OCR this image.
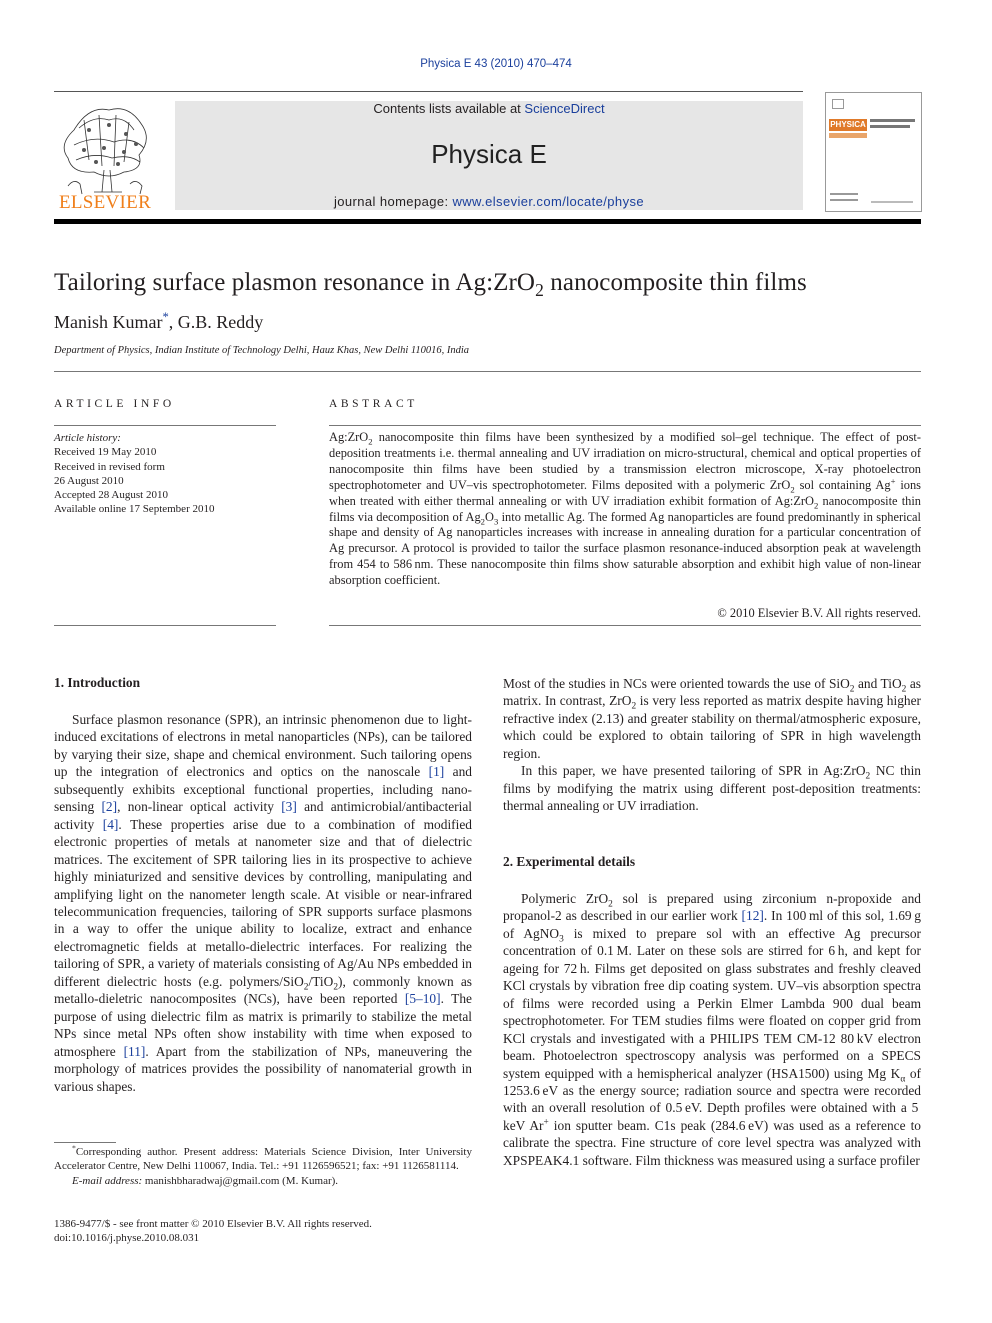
Physica E 43 (2010) 470–474
ELSEVIER
Contents lists available at ScienceDirect
Physica E
journal homepage: www.elsevier.com/locate/physe
PHYSICA
Tailoring surface plasmon resonance in Ag:ZrO$_2$ nanocomposite thin films
Manish Kumar*, G.B. Reddy
Department of Physics, Indian Institute of Technology Delhi, Hauz Khas, New Delhi 110016, India
ARTICLE INFO
Article history:
Received 19 May 2010
Received in revised form
26 August 2010
Accepted 28 August 2010
Available online 17 September 2010
ABSTRACT

Ag:ZrO$_2$ nanocomposite thin films have been synthesized by a modified sol–gel technique. The effect of post-deposition treatments i.e. thermal annealing and UV irradiation on micro-structural, chemical and optical properties of nanocomposite thin films have been studied by a transmission electron microscope, X-ray photoelectron spectrophotometer and UV–vis spectrophotometer. Films deposited with a polymeric ZrO$_2$ sol containing Ag+ ions when treated with either thermal annealing or with UV irradiation exhibit formation of Ag:ZrO$_2$ nanocomposite thin films via decomposition of $Ag_2O_3$ into metallic Ag. The formed Ag nanoparticles are found predominantly in spherical shape and density of Ag nanoparticles increases with increase in annealing duration for a particular concentration of Ag precursor. A protocol is provided to tailor the surface plasmon resonance-induced absorption peak at wavelength from 454 to 586 nm. These nanocomposite thin films show saturable absorption and exhibit high value of non-linear absorption coefficient.

© 2010 Elsevier B.V. All rights reserved.
1. Introduction

Surface plasmon resonance (SPR), an intrinsic phenomenon due to light-induced excitations of electrons in metal nanoparticles (NPs), can be tailored by varying their size, shape and chemical environment. Such tailoring opens up the integration of electronics and optics on the nanoscale [1] and subsequently exhibits exceptional functional properties, including nano-sensing [2], non-linear optical activity [3] and antimicrobial/antibacterial activity [4]. These properties arise due to a combination of modified electronic properties of metals at nanometer size and that of dielectric matrices. The excitement of SPR tailoring lies in its prospective to achieve highly miniaturized and sensitive devices by controlling, manipulating and amplifying light on the nanometer length scale. At visible or near-infrared telecommunication frequencies, tailoring of SPR supports surface plasmons in a way to offer the unique ability to localize, extract and enhance electromagnetic fields at metallo-dielectric interfaces. For realizing the tailoring of SPR, a variety of materials consisting of Ag/Au NPs embedded in different dielectric hosts (e.g. polymers/SiO$_2$/TiO$_2$), commonly known as metallo-dieletric nanocomposites (NCs), have been reported [5–10]. The purpose of using dielectric film as matrix is primarily to stabilize the metal NPs since metal NPs often show instability with time when exposed to atmosphere [11]. Apart from the stabilization of NPs, maneuvering the morphology of matrices provides the possibility of nanomaterial growth in various shapes.

Most of the studies in NCs were oriented towards the use of SiO$_2$ and TiO$_2$ as matrix. In contrast, ZrO$_2$ is very less reported as matrix despite having higher refractive index (2.13) and greater stability on thermal/atmospheric exposure, which could be explored to obtain tailoring of SPR in high wavelength region.

In this paper, we have presented tailoring of SPR in Ag:ZrO$_2$ NC thin films by modifying the matrix using different post-deposition treatments: thermal annealing or UV irradiation.

2. Experimental details

Polymeric ZrO$_2$ sol is prepared using zirconium n-propoxide and propanol-2 as described in our earlier work [12]. In 100 ml of this sol, 1.69 g of AgNO$_3$ is mixed to prepare sol with an effective Ag precursor concentration of 0.1 M. Later on these sols are stirred for 6 h, and kept for ageing for 72 h. Films get deposited on glass substrates and freshly cleaved KCl crystals by vibration free dip coating system. UV–vis absorption spectra of films were recorded using a Perkin Elmer Lambda 900 dual beam spectrophotometer. For TEM studies films were floated on copper grid from KCl crystals and investigated with a PHILIPS TEM CM-12 80 kV electron beam. Photoelectron spectroscopy analysis was performed on a SPECS system equipped with a hemispherical analyzer (HSA1500) using Mg $K_\alpha$ of 1253.6 eV as the energy source; radiation source and spectra were recorded with an overall resolution of 0.5 eV. Depth profiles were obtained with a 5 keV Ar+ ion sputter beam. C1s peak (284.6 eV) was used as a reference to calibrate the spectra. Fine structure of core level spectra was analyzed with XPSPEAK4.1 software. Film thickness was measured using a surface profiler

*Corresponding author. Present address: Materials Science Division, Inter University Accelerator Centre, New Delhi 110067, India. Tel.: +91 1126596521; fax: +91 1126581114.

E-mail address: manishbharadwaj@gmail.com (M. Kumar).

1386-9477/$ - see front matter © 2010 Elsevier B.V. All rights reserved.
doi:10.1016/j.physe.2010.08.031
